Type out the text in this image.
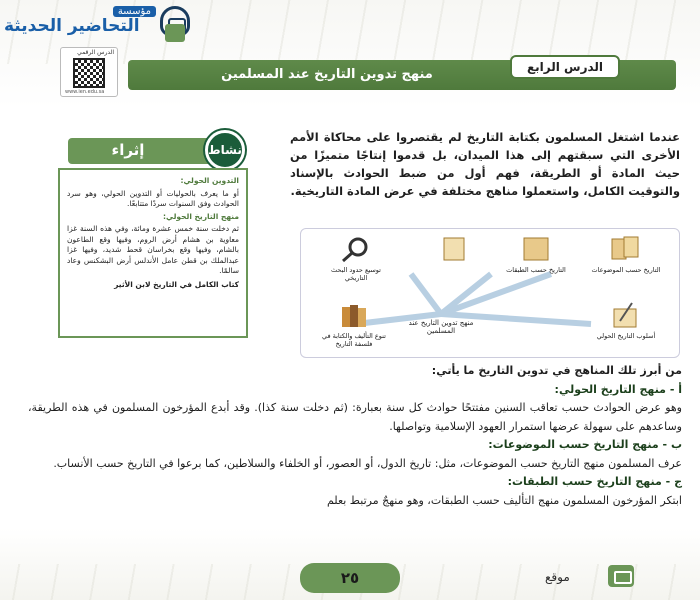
مؤسسة
التحاضير الحديثة
الدرس الرقمي
www.ien.edu.sa
منهج تدوين التاريخ عند المسلمين	الدرس الرابع
إثراء	نشاط

التدوين الحولي:

أو ما يعرف بالحوليات أو التدوين الحولي، وهو سرد الحوادث وفق السنوات سردًا متتابعًا.

منهج التاريخ الحولي:

ثم دخلت سنة خمس عشرة ومائة، وفي هذه السنة غزا معاوية بن هشام أرض الروم، وفيها وقع الطاعون بالشام، وفيها وقع بخراسان قحط شديد، وفيها غزا عبدالملك بن قطن عامل الأندلس أرض البشكنس وعاد سالمًا.

كتاب الكامل في التاريخ لابن الأثير

عندما اشتغل المسلمون بكتابة التاريخ لم يقتصروا على محاكاة الأمم الأخرى التي سبقتهم إلى هذا الميدان، بل قدموا إنتاجًا متميزًا من حيث المادة أو الطريقة، فهم أول من ضبط الحوادث بالإسناد والتوقيت الكامل، واستعملوا مناهج مختلفة في عرض المادة التاريخية.
التاريخ حسب الموضوعات
التاريخ حسب الطبقات
توسيع حدود البحث التاريخي
أسلوب التاريخ الحولي
تنوع التأليف والكتابة في فلسفة التاريخ
منهج تدوين التاريخ عند المسلمين
من أبرز تلك المناهج في تدوين التاريخ ما يأتي:
أ - منهج التاريخ الحولي:
وهو عرض الحوادث حسب تعاقب السنين مفتتحًا حوادث كل سنة بعبارة: (ثم دخلت سنة كذا). وقد أبدع المؤرخون المسلمون في هذه الطريقة، وساعدهم على سهولة عرضها استمرار العهود الإسلامية وتواصلها.
ب - منهج التاريخ حسب الموضوعات:
عرف المسلمون منهج التاريخ حسب الموضوعات، مثل: تاريخ الدول، أو العصور، أو الخلفاء والسلاطين، كما برعوا في التاريخ حسب الأنساب.
ج - منهج التاريخ حسب الطبقات:
ابتكر المؤرخون المسلمون منهج التأليف حسب الطبقات، وهو منهجٌ مرتبط بعلم
٢٥	موقع
